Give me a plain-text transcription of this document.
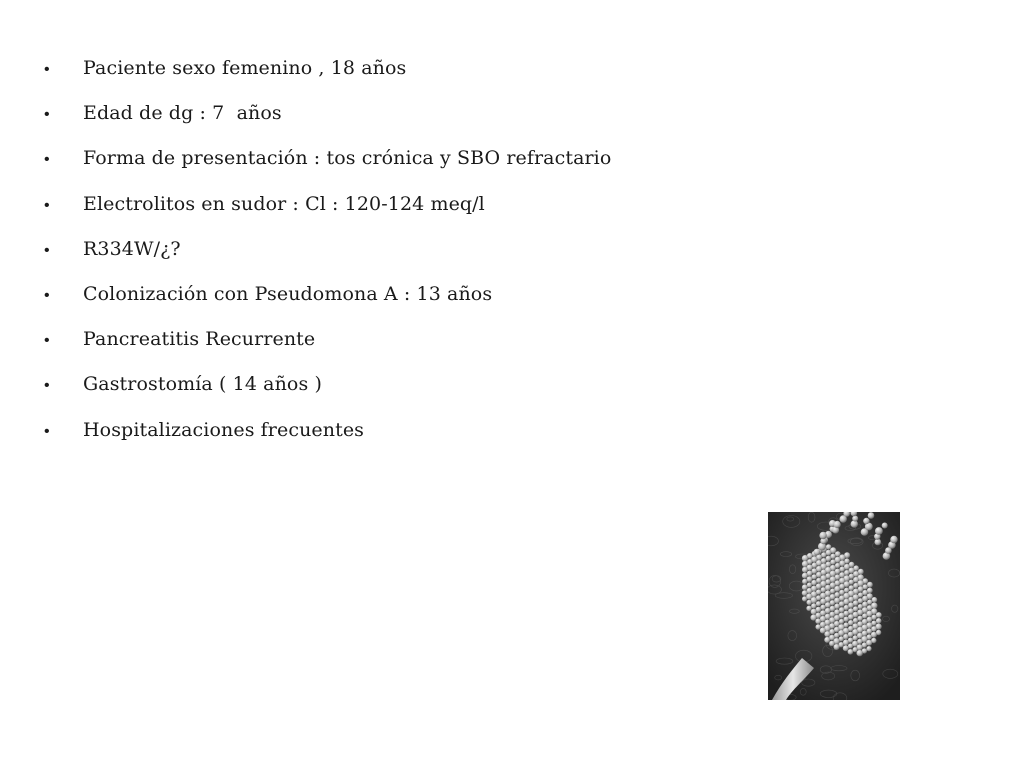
•	Paciente sexo femenino , 18 años
•	Edad de dg : 7  años
•	Forma de presentación : tos crónica y SBO refractario
•	Electrolitos en sudor : Cl : 120-124 meq/l
•	R334W/¿?
•	Colonización con Pseudomona A : 13 años
•	Pancreatitis Recurrente
•	Gastrostomía ( 14 años )
•	Hospitalizaciones frecuentes
